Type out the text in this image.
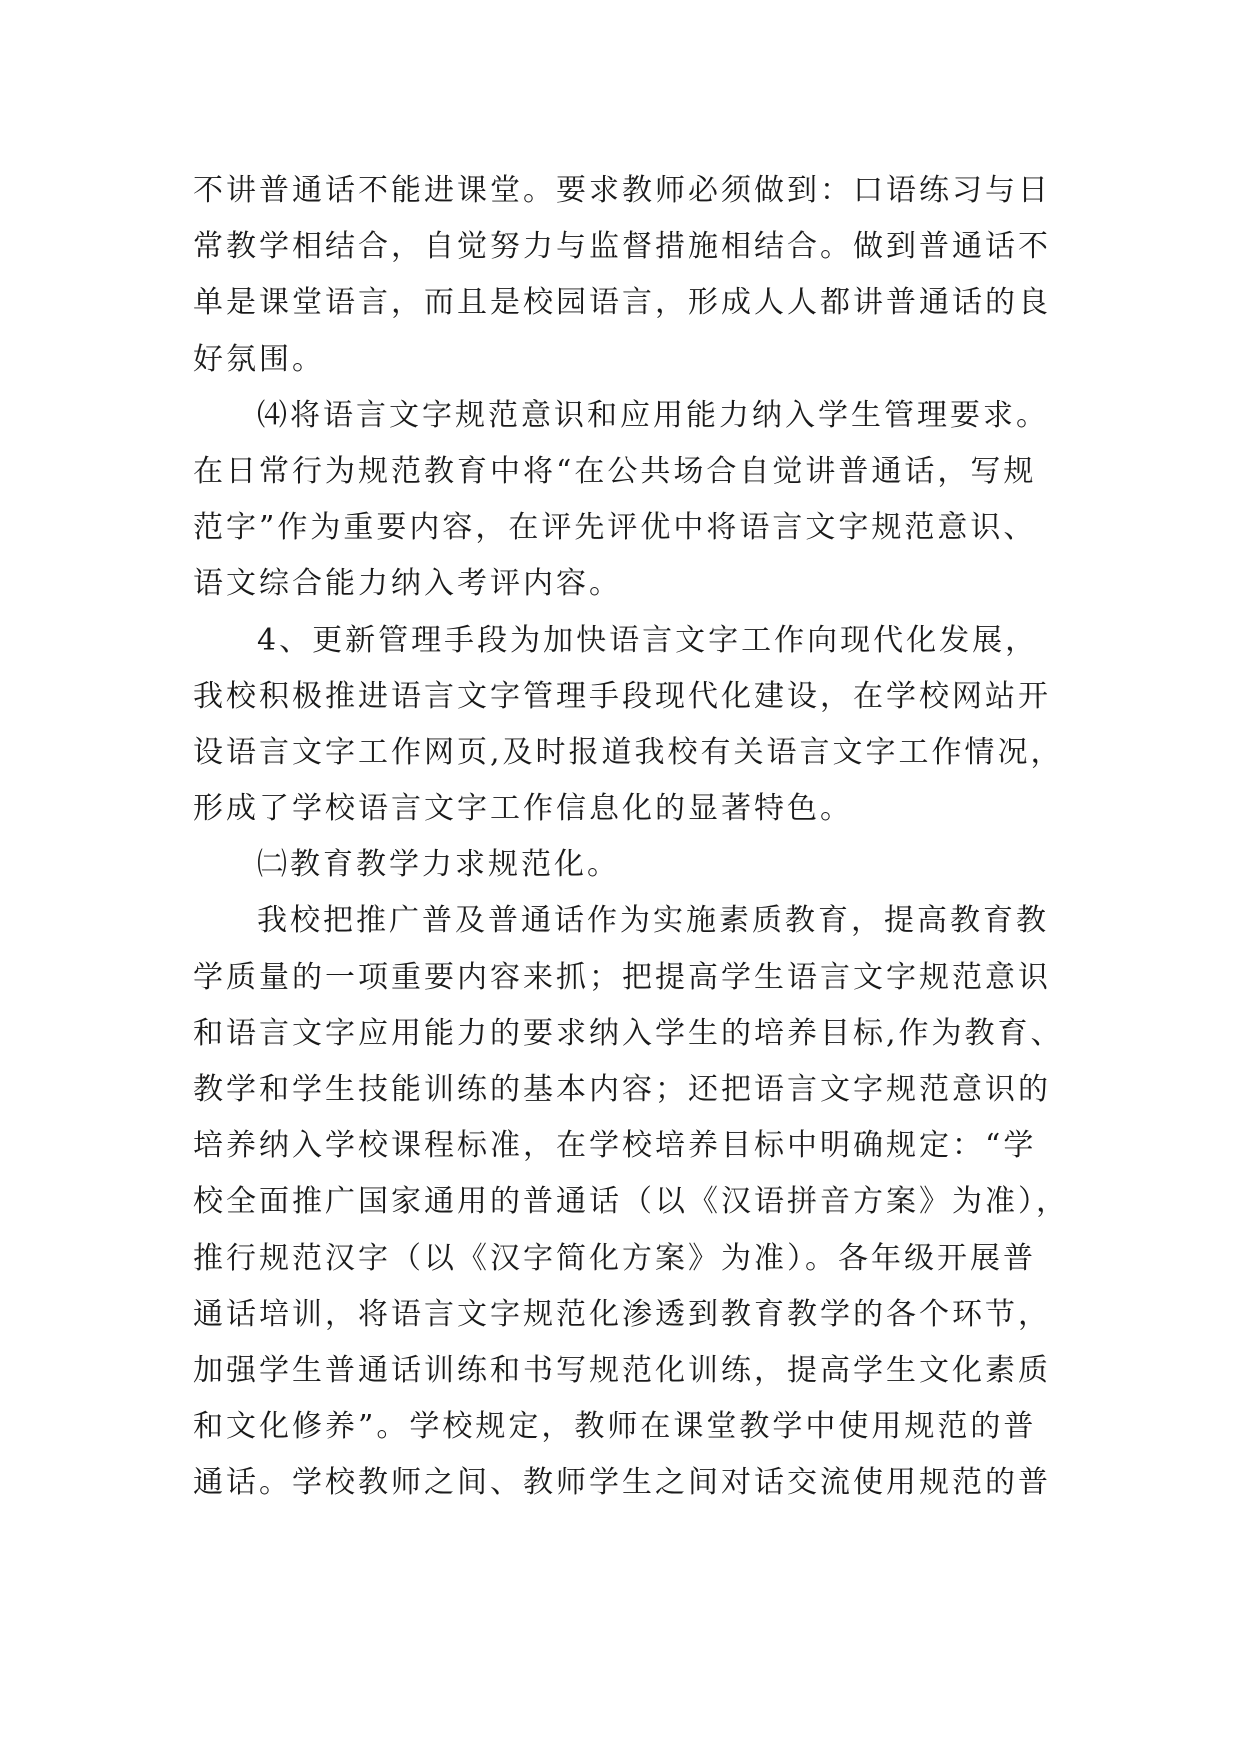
不讲普通话不能进课堂。要求教师必须做到：口语练习与日
常教学相结合，自觉努力与监督措施相结合。做到普通话不
单是课堂语言，而且是校园语言，形成人人都讲普通话的良
好氛围。
⑷将语言文字规范意识和应用能力纳入学生管理要求。
在日常行为规范教育中将“在公共场合自觉讲普通话，写规
范字”作为重要内容，在评先评优中将语言文字规范意识、
语文综合能力纳入考评内容。
4、更新管理手段为加快语言文字工作向现代化发展，
我校积极推进语言文字管理手段现代化建设，在学校网站开
设语言文字工作网页,及时报道我校有关语言文字工作情况，
形成了学校语言文字工作信息化的显著特色。
㈡教育教学力求规范化。
我校把推广普及普通话作为实施素质教育，提高教育教
学质量的一项重要内容来抓；把提高学生语言文字规范意识
和语言文字应用能力的要求纳入学生的培养目标,作为教育、
教学和学生技能训练的基本内容；还把语言文字规范意识的
培养纳入学校课程标准，在学校培养目标中明确规定：“学
校全面推广国家通用的普通话（以《汉语拼音方案》为准），
推行规范汉字（以《汉字简化方案》为准）。各年级开展普
通话培训，将语言文字规范化渗透到教育教学的各个环节，
加强学生普通话训练和书写规范化训练，提高学生文化素质
和文化修养”。学校规定，教师在课堂教学中使用规范的普
通话。学校教师之间、教师学生之间对话交流使用规范的普
